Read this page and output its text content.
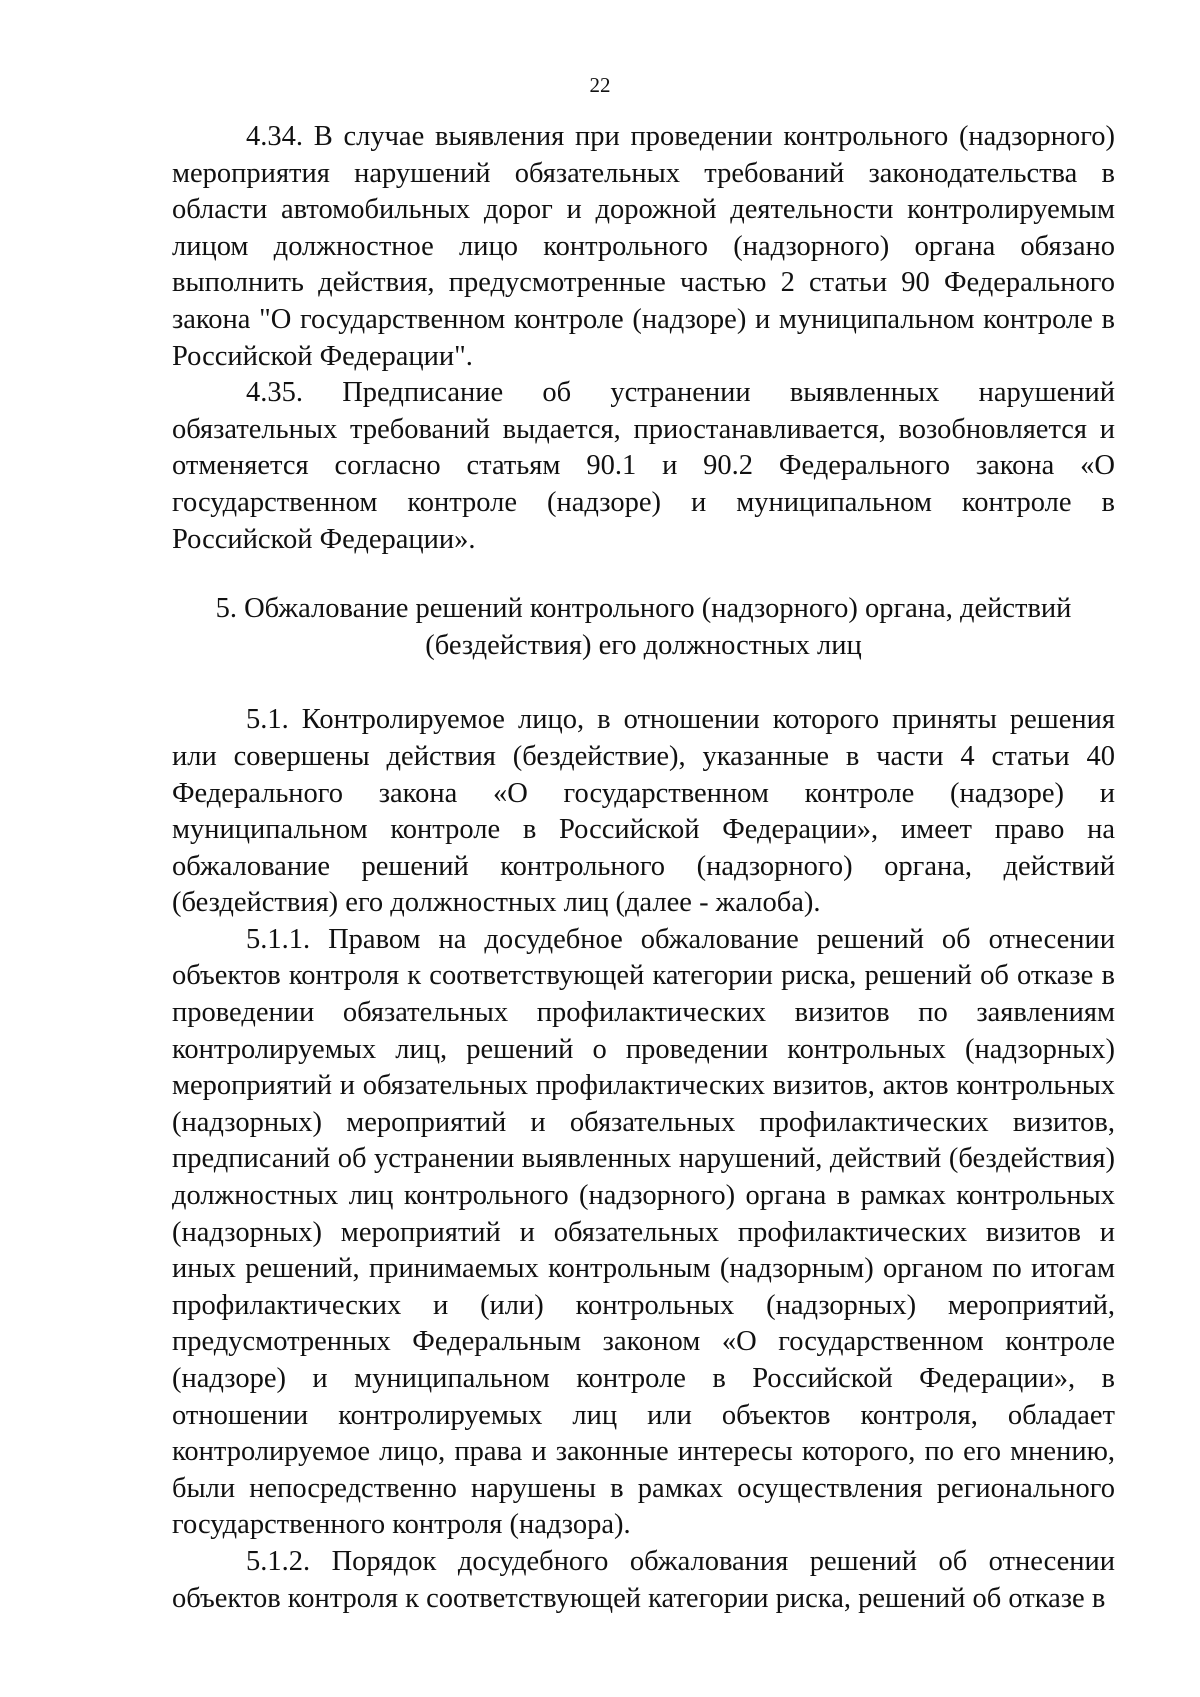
22

4.34. В случае выявления при проведении контрольного (надзорного) мероприятия нарушений обязательных требований законодательства в области автомобильных дорог и дорожной деятельности контролируемым лицом должностное лицо контрольного (надзорного) органа обязано выполнить действия, предусмотренные частью 2 статьи 90 Федерального закона "О государственном контроле (надзоре) и муниципальном контроле в Российской Федерации".

4.35. Предписание об устранении выявленных нарушений обязательных требований выдается, приостанавливается, возобновляется и отменяется согласно статьям 90.1 и 90.2 Федерального закона «О государственном контроле (надзоре) и муниципальном контроле в Российской Федерации».

5. Обжалование решений контрольного (надзорного) органа, действий
(бездействия) его должностных лиц

5.1. Контролируемое лицо, в отношении которого приняты решения или совершены действия (бездействие), указанные в части 4 статьи 40 Федерального закона «О государственном контроле (надзоре) и муниципальном контроле в Российской Федерации», имеет право на обжалование решений контрольного (надзорного) органа, действий (бездействия) его должностных лиц (далее - жалоба).

5.1.1. Правом на досудебное обжалование решений об отнесении объектов контроля к соответствующей категории риска, решений об отказе в проведении обязательных профилактических визитов по заявлениям контролируемых лиц, решений о проведении контрольных (надзорных) мероприятий и обязательных профилактических визитов, актов контрольных (надзорных) мероприятий и обязательных профилактических визитов, предписаний об устранении выявленных нарушений, действий (бездействия) должностных лиц контрольного (надзорного) органа в рамках контрольных (надзорных) мероприятий и обязательных профилактических визитов и иных решений, принимаемых контрольным (надзорным) органом по итогам профилактических и (или) контрольных (надзорных) мероприятий, предусмотренных Федеральным законом «О государственном контроле (надзоре) и муниципальном контроле в Российской Федерации», в отношении контролируемых лиц или объектов контроля, обладает контролируемое лицо, права и законные интересы которого, по его мнению, были непосредственно нарушены в рамках осуществления регионального государственного контроля (надзора).

5.1.2. Порядок досудебного обжалования решений об отнесении объектов контроля к соответствующей категории риска, решений об отказе в
